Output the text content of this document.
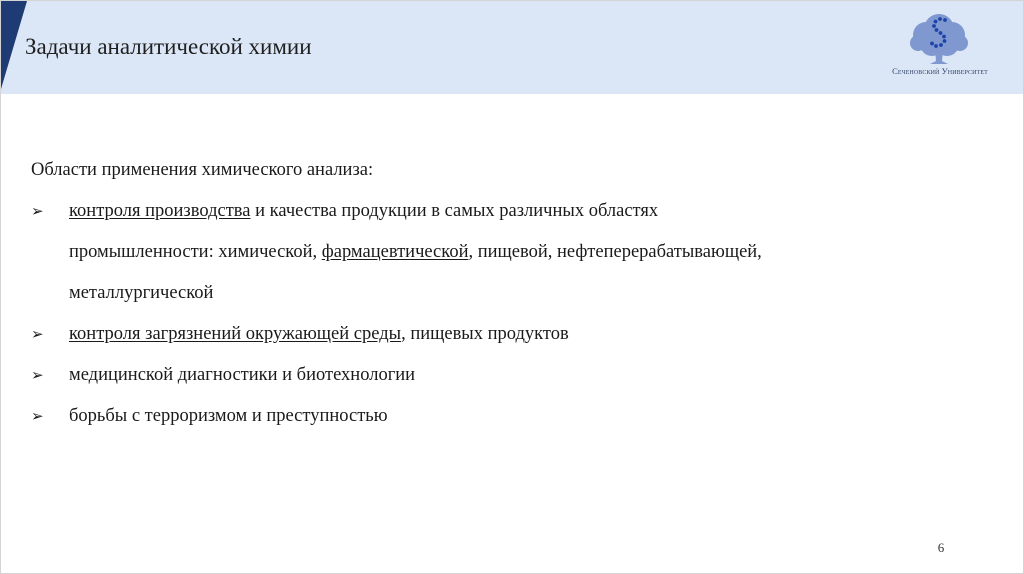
Задачи аналитической химии
Сеченовский Университет

Области применения химического анализа:

➢ контроля производства и качества продукции в самых различных областях
промышленности: химической, фармацевтической, пищевой, нефтеперерабатывающей,
металлургической
➢ контроля загрязнений окружающей среды, пищевых продуктов
➢ медицинской диагностики и биотехнологии
➢ борьбы с терроризмом и преступностью
6
